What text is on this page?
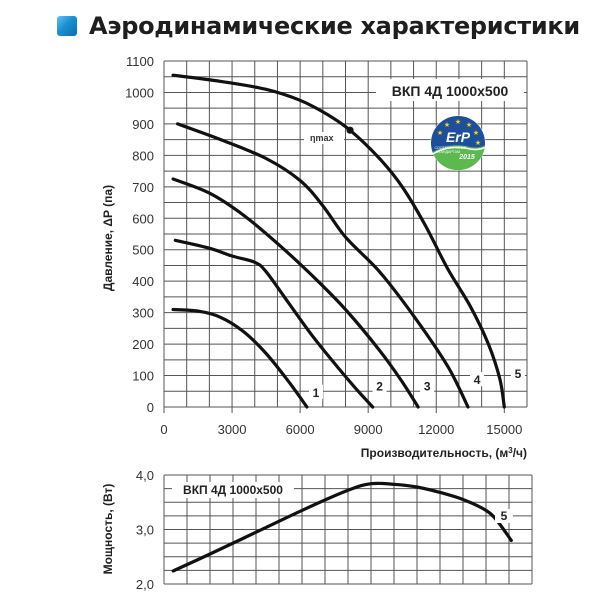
Аэродинамические характеристики
1100
1000
900
800
700
600
500
400
300
200
100
0
0	3000	6000	9000	12000 15000
Давление, ΔP (па)
Производительность, $(м^3/ч)$
ВКП 4Д 1000x500
1	2	3	4	5
ηmax	★
★ ★ ★
★
★
ErP
СООТВЕТСТВУЕТ
СТАНДАРТАМ
2015
4,0
3,0
2,0
Мощность, (Вт)	ВКП 4Д 1000x500
5
